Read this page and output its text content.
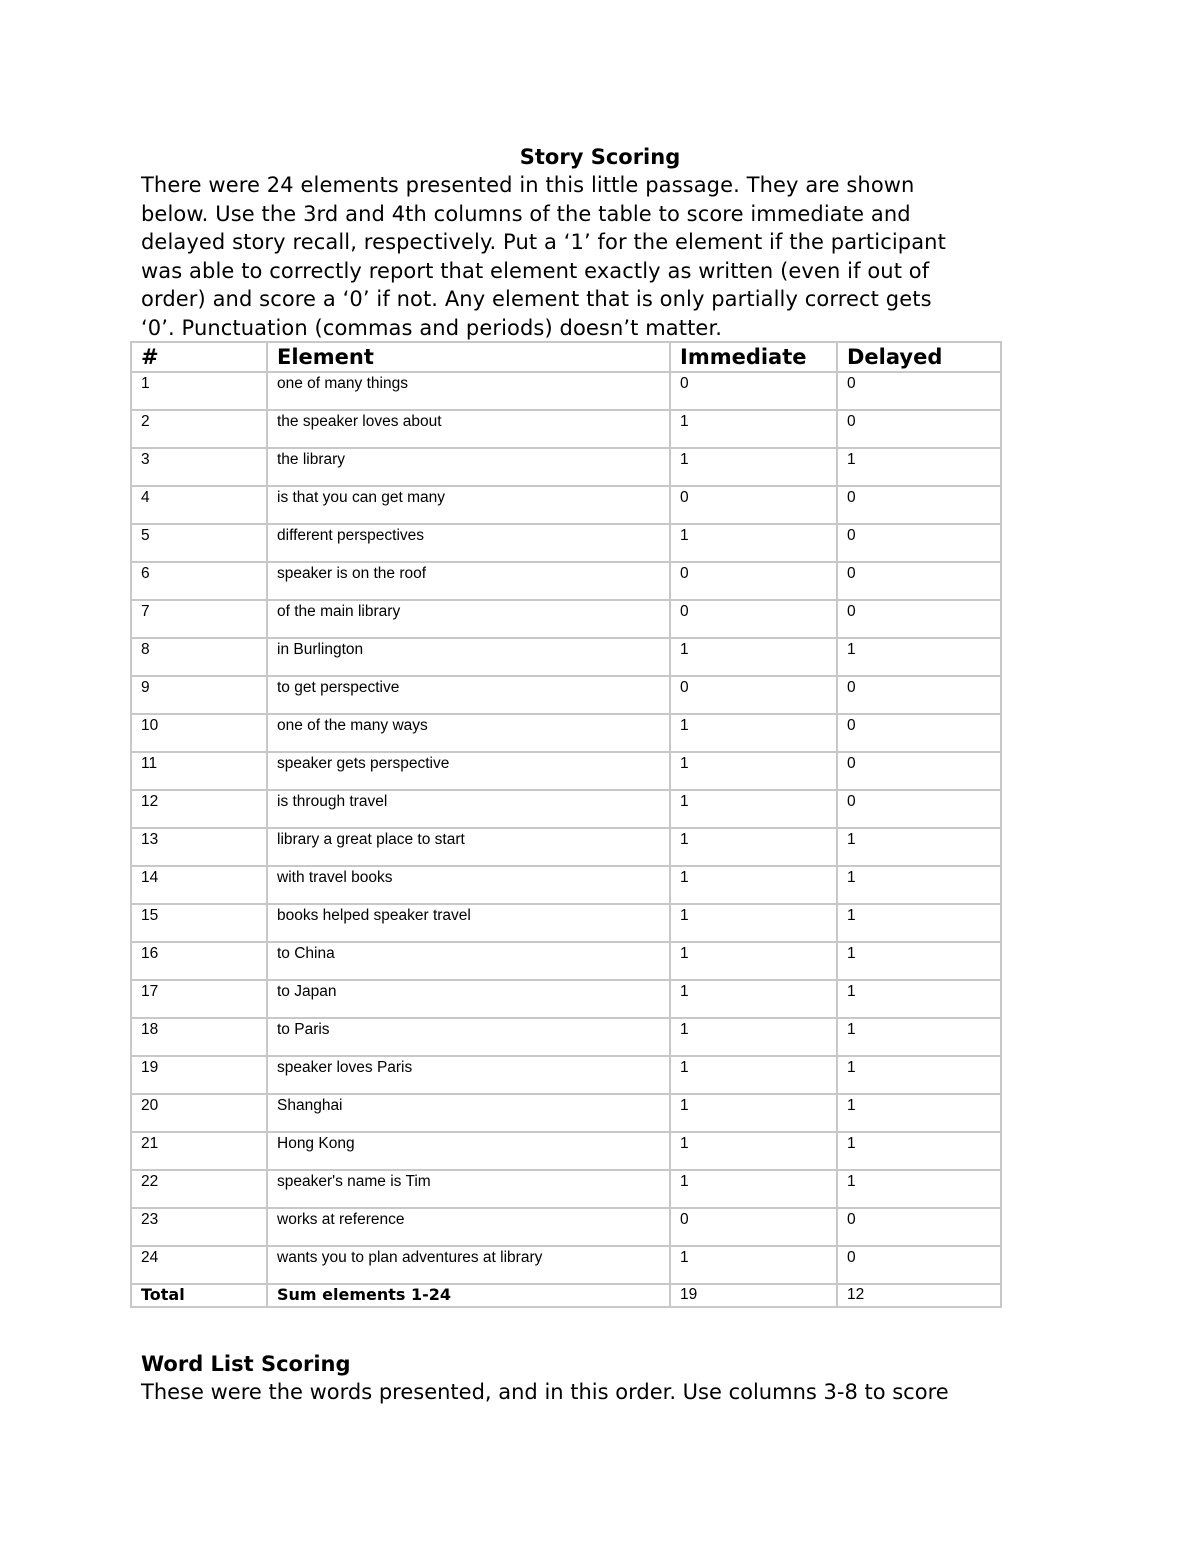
Story Scoring

There were 24 elements presented in this little passage. They are shown

below. Use the 3rd and 4th columns of the table to score immediate and

delayed story recall, respectively. Put a ‘1’ for the element if the participant

was able to correctly report that element exactly as written (even if out of

order) and score a ‘0’ if not. Any element that is only partially correct gets

‘0’. Punctuation (commas and periods) doesn’t matter.

#	Element	Immediate	Delayed
1	one of many things	0	0
2	the speaker loves about	1	0
3	the library	1	1
4	is that you can get many	0	0
5	different perspectives	1	0
6	speaker is on the roof	0	0
7	of the main library	0	0
8	in Burlington	1	1
9	to get perspective	0	0
10	one of the many ways	1	0
11	speaker gets perspective	1	0
12	is through travel	1	0
13	library a great place to start	1	1
14	with travel books	1	1
15	books helped speaker travel	1	1
16	to China	1	1
17	to Japan	1	1
18	to Paris	1	1
19	speaker loves Paris	1	1
20	Shanghai	1	1
21	Hong Kong	1	1
22	speaker's name is Tim	1	1
23	works at reference	0	0
24	wants you to plan adventures at library	1	0
Total	Sum elements 1-24	19	12
Word List Scoring
These were the words presented, and in this order. Use columns 3-8 to score
